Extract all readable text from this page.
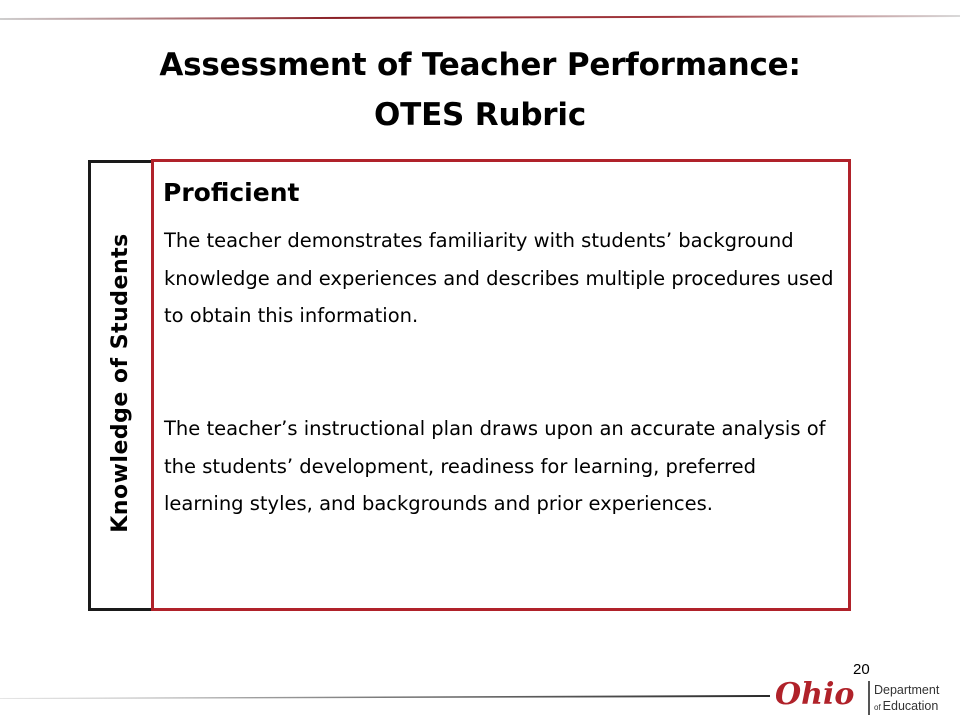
Assessment of Teacher Performance:
OTES Rubric
Knowledge of Students
Proficient
The teacher demonstrates familiarity with students’ background knowledge and experiences and describes multiple procedures used to obtain this information.
The teacher’s instructional plan draws upon an accurate analysis of the students’ development, readiness for learning, preferred learning styles, and backgrounds and prior experiences.
20
Ohio Department
of Education
